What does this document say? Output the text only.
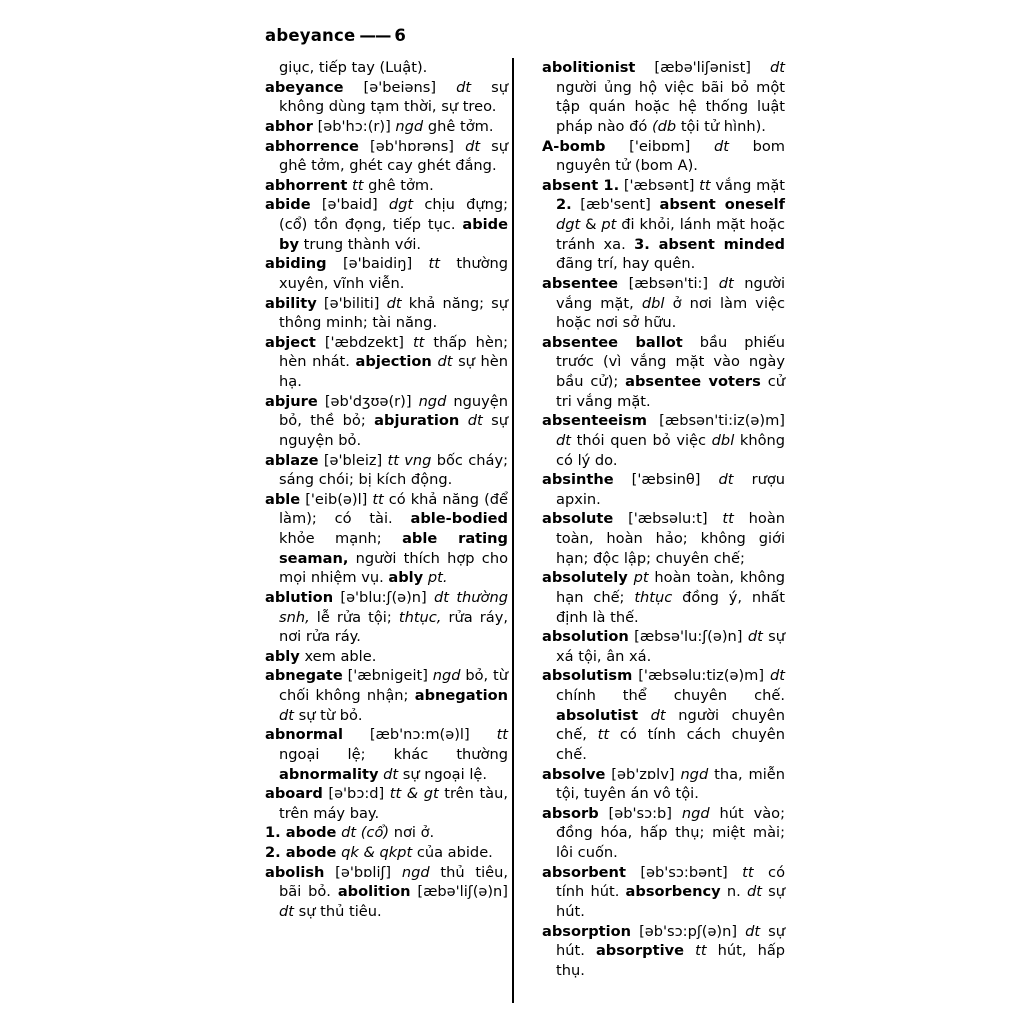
abeyance —— 6

giục, tiếp tay (Luật).

abeyance [ə'beiəns] dt sự không dùng tạm thời, sự treo.

abhor [əb'hɔ:(r)] ngd ghê tởm.

abhorrence [əb'hɒrəns] dt sự ghê tởm, ghét cay ghét đắng.

abhorrent tt ghê tởm.

abide [ə'baid] dgt chịu đựng; (cổ) tồn đọng, tiếp tục. abide by trung thành với.

abiding [ə'baidiŋ] tt thường xuyên, vĩnh viễn.

ability [ə'biliti] dt khả năng; sự thông minh; tài năng.

abject ['æbdzekt] tt thấp hèn; hèn nhát. abjection dt sự hèn hạ.

abjure [əb'dʒʊə(r)] ngd nguyện bỏ, thề bỏ; abjuration dt sự nguyện bỏ.

ablaze [ə'bleiz] tt vng bốc cháy; sáng chói; bị kích động.

able ['eib(ə)l] tt có khả năng (để làm); có tài. able-bodied khỏe mạnh; able rating seaman, người thích hợp cho mọi nhiệm vụ. ably pt.

ablution [ə'blu:ʃ(ə)n] dt thường snh, lễ rửa tội; thtục, rửa ráy, nơi rửa ráy.

ably xem able.

abnegate ['æbnigeit] ngd bỏ, từ chối không nhận; abnegation dt sự từ bỏ.

abnormal [æb'nɔ:m(ə)l] tt ngoại lệ; khác thường abnormality dt sự ngoại lệ.

aboard [ə'bɔ:d] tt & gt trên tàu, trên máy bay.

1. abode dt (cổ) nơi ở.

2. abode qk & qkpt của abide.

abolish [ə'bɒliʃ] ngd thủ tiêu, bãi bỏ. abolition [æbə'liʃ(ə)n] dt sự thủ tiêu.

abolitionist [æbə'liʃənist] dt người ủng hộ việc bãi bỏ một tập quán hoặc hệ thống luật pháp nào đó (db tội tử hình).

A-bomb ['eibɒm] dt bom nguyên tử (bom A).

absent 1. ['æbsənt] tt vắng mặt 2. [æb'sent] absent oneself dgt & pt đi khỏi, lánh mặt hoặc tránh xa. 3. absent minded đãng trí, hay quên.

absentee [æbsən'ti:] dt người vắng mặt, dbl ở nơi làm việc hoặc nơi sở hữu.

absentee ballot bầu phiếu trước (vì vắng mặt vào ngày bầu cử); absentee voters cử tri vắng mặt.

absenteeism [æbsən'ti:iz(ə)m] dt thói quen bỏ việc dbl không có lý do.

absinthe ['æbsinθ] dt rượu apxin.

absolute ['æbsəlu:t] tt hoàn toàn, hoàn hảo; không giới hạn; độc lập; chuyên chế;

absolutely pt hoàn toàn, không hạn chế; thtục đồng ý, nhất định là thế.

absolution [æbsə'lu:ʃ(ə)n] dt sự xá tội, ân xá.

absolutism ['æbsəlu:tiz(ə)m] dt chính thể chuyên chế. absolutist dt người chuyên chế, tt có tính cách chuyên chế.

absolve [əb'zɒlv] ngd tha, miễn tội, tuyên án vô tội.

absorb [əb'sɔ:b] ngd hút vào; đồng hóa, hấp thụ; miệt mài; lôi cuốn.

absorbent [əb'sɔ:bənt] tt có tính hút. absorbency n. dt sự hút.

absorption [əb'sɔ:pʃ(ə)n] dt sự hút. absorptive tt hút, hấp thụ.
